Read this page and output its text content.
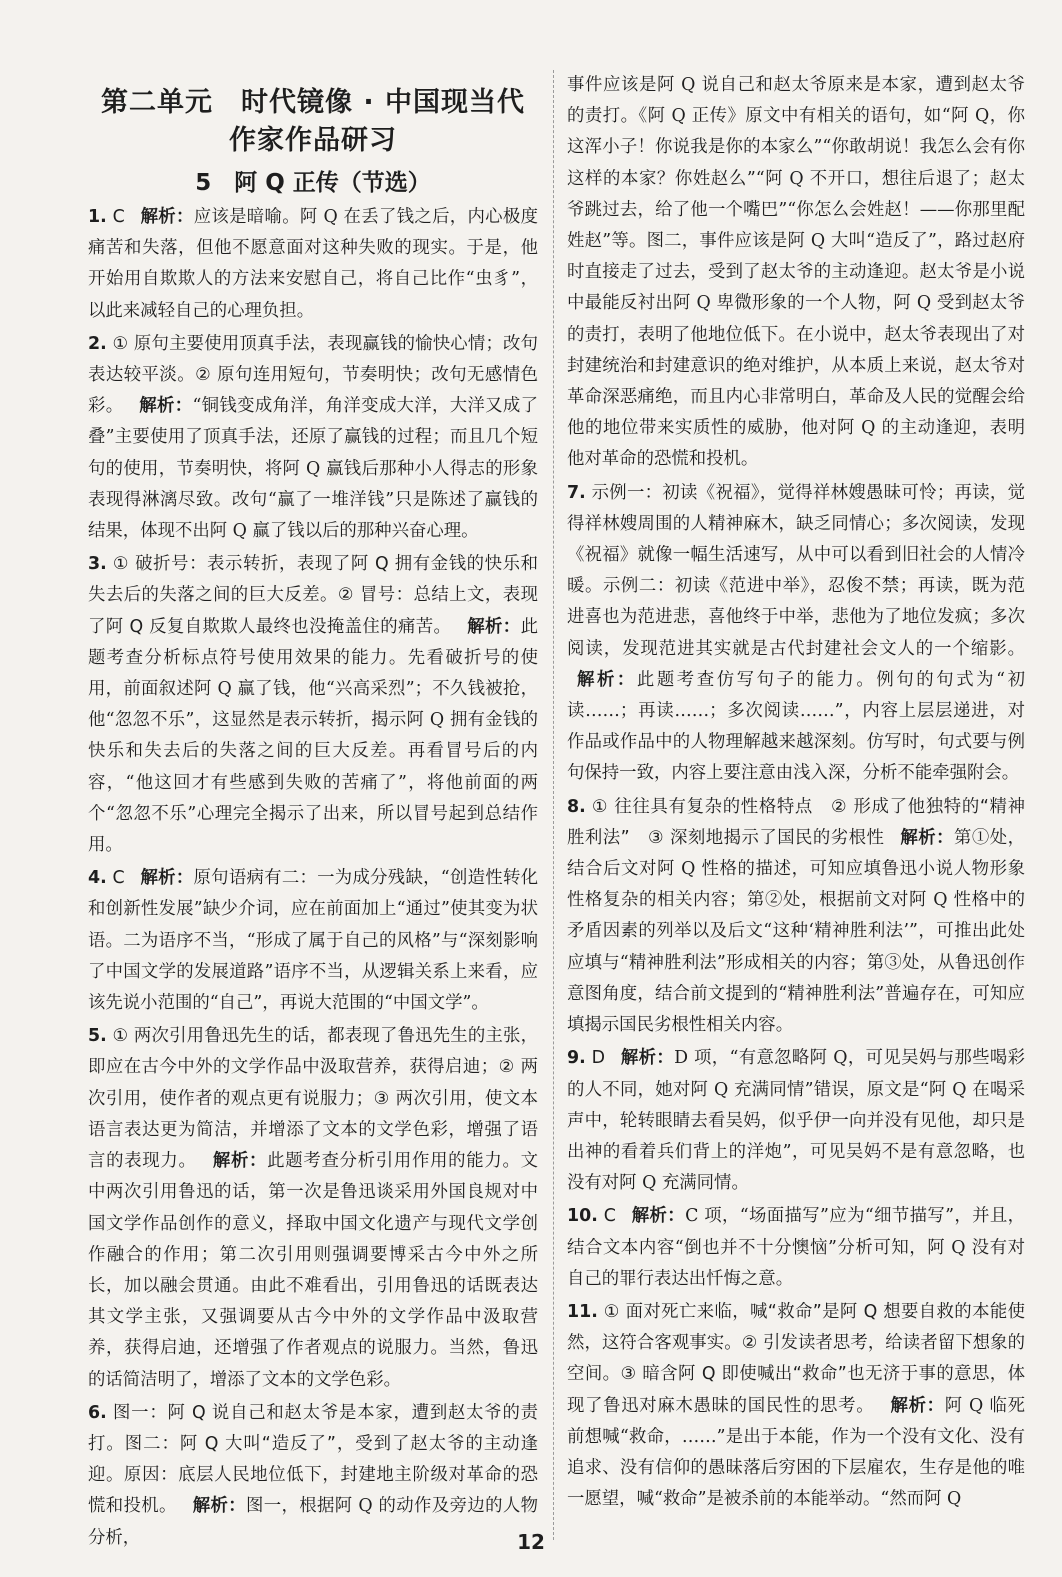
第二单元　时代镜像 · 中国现当代
作家作品研习
5　阿 Q 正传（节选）
1. C 解析：应该是暗喻。阿 Q 在丢了钱之后，内心极度痛苦和失落，但他不愿意面对这种失败的现实。于是，他开始用自欺欺人的方法来安慰自己，将自己比作“虫豸”，以此来减轻自己的心理负担。
2. ① 原句主要使用顶真手法，表现赢钱的愉快心情；改句表达较平淡。② 原句连用短句，节奏明快；改句无感情色彩。 解析：“铜钱变成角洋，角洋变成大洋，大洋又成了叠”主要使用了顶真手法，还原了赢钱的过程；而且几个短句的使用，节奏明快，将阿 Q 赢钱后那种小人得志的形象表现得淋漓尽致。改句“赢了一堆洋钱”只是陈述了赢钱的结果，体现不出阿 Q 赢了钱以后的那种兴奋心理。
3. ① 破折号：表示转折，表现了阿 Q 拥有金钱的快乐和失去后的失落之间的巨大反差。② 冒号：总结上文，表现了阿 Q 反复自欺欺人最终也没掩盖住的痛苦。 解析：此题考查分析标点符号使用效果的能力。先看破折号的使用，前面叙述阿 Q 赢了钱，他“兴高采烈”；不久钱被抢，他“忽忽不乐”，这显然是表示转折，揭示阿 Q 拥有金钱的快乐和失去后的失落之间的巨大反差。再看冒号后的内容，“他这回才有些感到失败的苦痛了”，将他前面的两个“忽忽不乐”心理完全揭示了出来，所以冒号起到总结作用。
4. C 解析：原句语病有二：一为成分残缺，“创造性转化和创新性发展”缺少介词，应在前面加上“通过”使其变为状语。二为语序不当，“形成了属于自己的风格”与“深刻影响了中国文学的发展道路”语序不当，从逻辑关系上来看，应该先说小范围的“自己”，再说大范围的“中国文学”。
5. ① 两次引用鲁迅先生的话，都表现了鲁迅先生的主张，即应在古今中外的文学作品中汲取营养，获得启迪；② 两次引用，使作者的观点更有说服力；③ 两次引用，使文本语言表达更为简洁，并增添了文本的文学色彩，增强了语言的表现力。 解析：此题考查分析引用作用的能力。文中两次引用鲁迅的话，第一次是鲁迅谈采用外国良规对中国文学作品创作的意义，择取中国文化遗产与现代文学创作融合的作用；第二次引用则强调要博采古今中外之所长，加以融会贯通。由此不难看出，引用鲁迅的话既表达其文学主张，又强调要从古今中外的文学作品中汲取营养，获得启迪，还增强了作者观点的说服力。当然，鲁迅的话简洁明了，增添了文本的文学色彩。
6. 图一：阿 Q 说自己和赵太爷是本家，遭到赵太爷的责打。图二：阿 Q 大叫“造反了”，受到了赵太爷的主动逢迎。原因：底层人民地位低下，封建地主阶级对革命的恐慌和投机。 解析：图一，根据阿 Q 的动作及旁边的人物分析，
事件应该是阿 Q 说自己和赵太爷原来是本家，遭到赵太爷的责打。《阿 Q 正传》原文中有相关的语句，如“阿 Q，你这浑小子！你说我是你的本家么”“你敢胡说！我怎么会有你这样的本家？你姓赵么”“阿 Q 不开口，想往后退了；赵太爷跳过去，给了他一个嘴巴”“你怎么会姓赵！——你那里配姓赵”等。图二，事件应该是阿 Q 大叫“造反了”，路过赵府时直接走了过去，受到了赵太爷的主动逢迎。赵太爷是小说中最能反衬出阿 Q 卑微形象的一个人物，阿 Q 受到赵太爷的责打，表明了他地位低下。在小说中，赵太爷表现出了对封建统治和封建意识的绝对维护，从本质上来说，赵太爷对革命深恶痛绝，而且内心非常明白，革命及人民的觉醒会给他的地位带来实质性的威胁，他对阿 Q 的主动逢迎，表明他对革命的恐慌和投机。
7. 示例一：初读《祝福》，觉得祥林嫂愚昧可怜；再读，觉得祥林嫂周围的人精神麻木，缺乏同情心；多次阅读，发现《祝福》就像一幅生活速写，从中可以看到旧社会的人情冷暖。示例二：初读《范进中举》，忍俊不禁；再读，既为范进喜也为范进悲，喜他终于中举，悲他为了地位发疯；多次阅读，发现范进其实就是古代封建社会文人的一个缩影。 解析：此题考查仿写句子的能力。例句的句式为“初读……；再读……；多次阅读……”，内容上层层递进，对作品或作品中的人物理解越来越深刻。仿写时，句式要与例句保持一致，内容上要注意由浅入深，分析不能牵强附会。
8. ① 往往具有复杂的性格特点　② 形成了他独特的“精神胜利法”　③ 深刻地揭示了国民的劣根性 解析：第①处，结合后文对阿 Q 性格的描述，可知应填鲁迅小说人物形象性格复杂的相关内容；第②处，根据前文对阿 Q 性格中的矛盾因素的列举以及后文“这种‘精神胜利法’”，可推出此处应填与“精神胜利法”形成相关的内容；第③处，从鲁迅创作意图角度，结合前文提到的“精神胜利法”普遍存在，可知应填揭示国民劣根性相关内容。
9. D 解析：D 项，“有意忽略阿 Q，可见吴妈与那些喝彩的人不同，她对阿 Q 充满同情”错误，原文是“阿 Q 在喝采声中，轮转眼睛去看吴妈，似乎伊一向并没有见他，却只是出神的看着兵们背上的洋炮”，可见吴妈不是有意忽略，也没有对阿 Q 充满同情。
10. C 解析：C 项，“场面描写”应为“细节描写”，并且，结合文本内容“倒也并不十分懊恼”分析可知，阿 Q 没有对自己的罪行表达出忏悔之意。
11. ① 面对死亡来临，喊“救命”是阿 Q 想要自救的本能使然，这符合客观事实。② 引发读者思考，给读者留下想象的空间。③ 暗含阿 Q 即使喊出“救命”也无济于事的意思，体现了鲁迅对麻木愚昧的国民性的思考。 解析：阿 Q 临死前想喊“救命，……”是出于本能，作为一个没有文化、没有追求、没有信仰的愚昧落后穷困的下层雇农，生存是他的唯一愿望，喊“救命”是被杀前的本能举动。“然而阿 Q
12
